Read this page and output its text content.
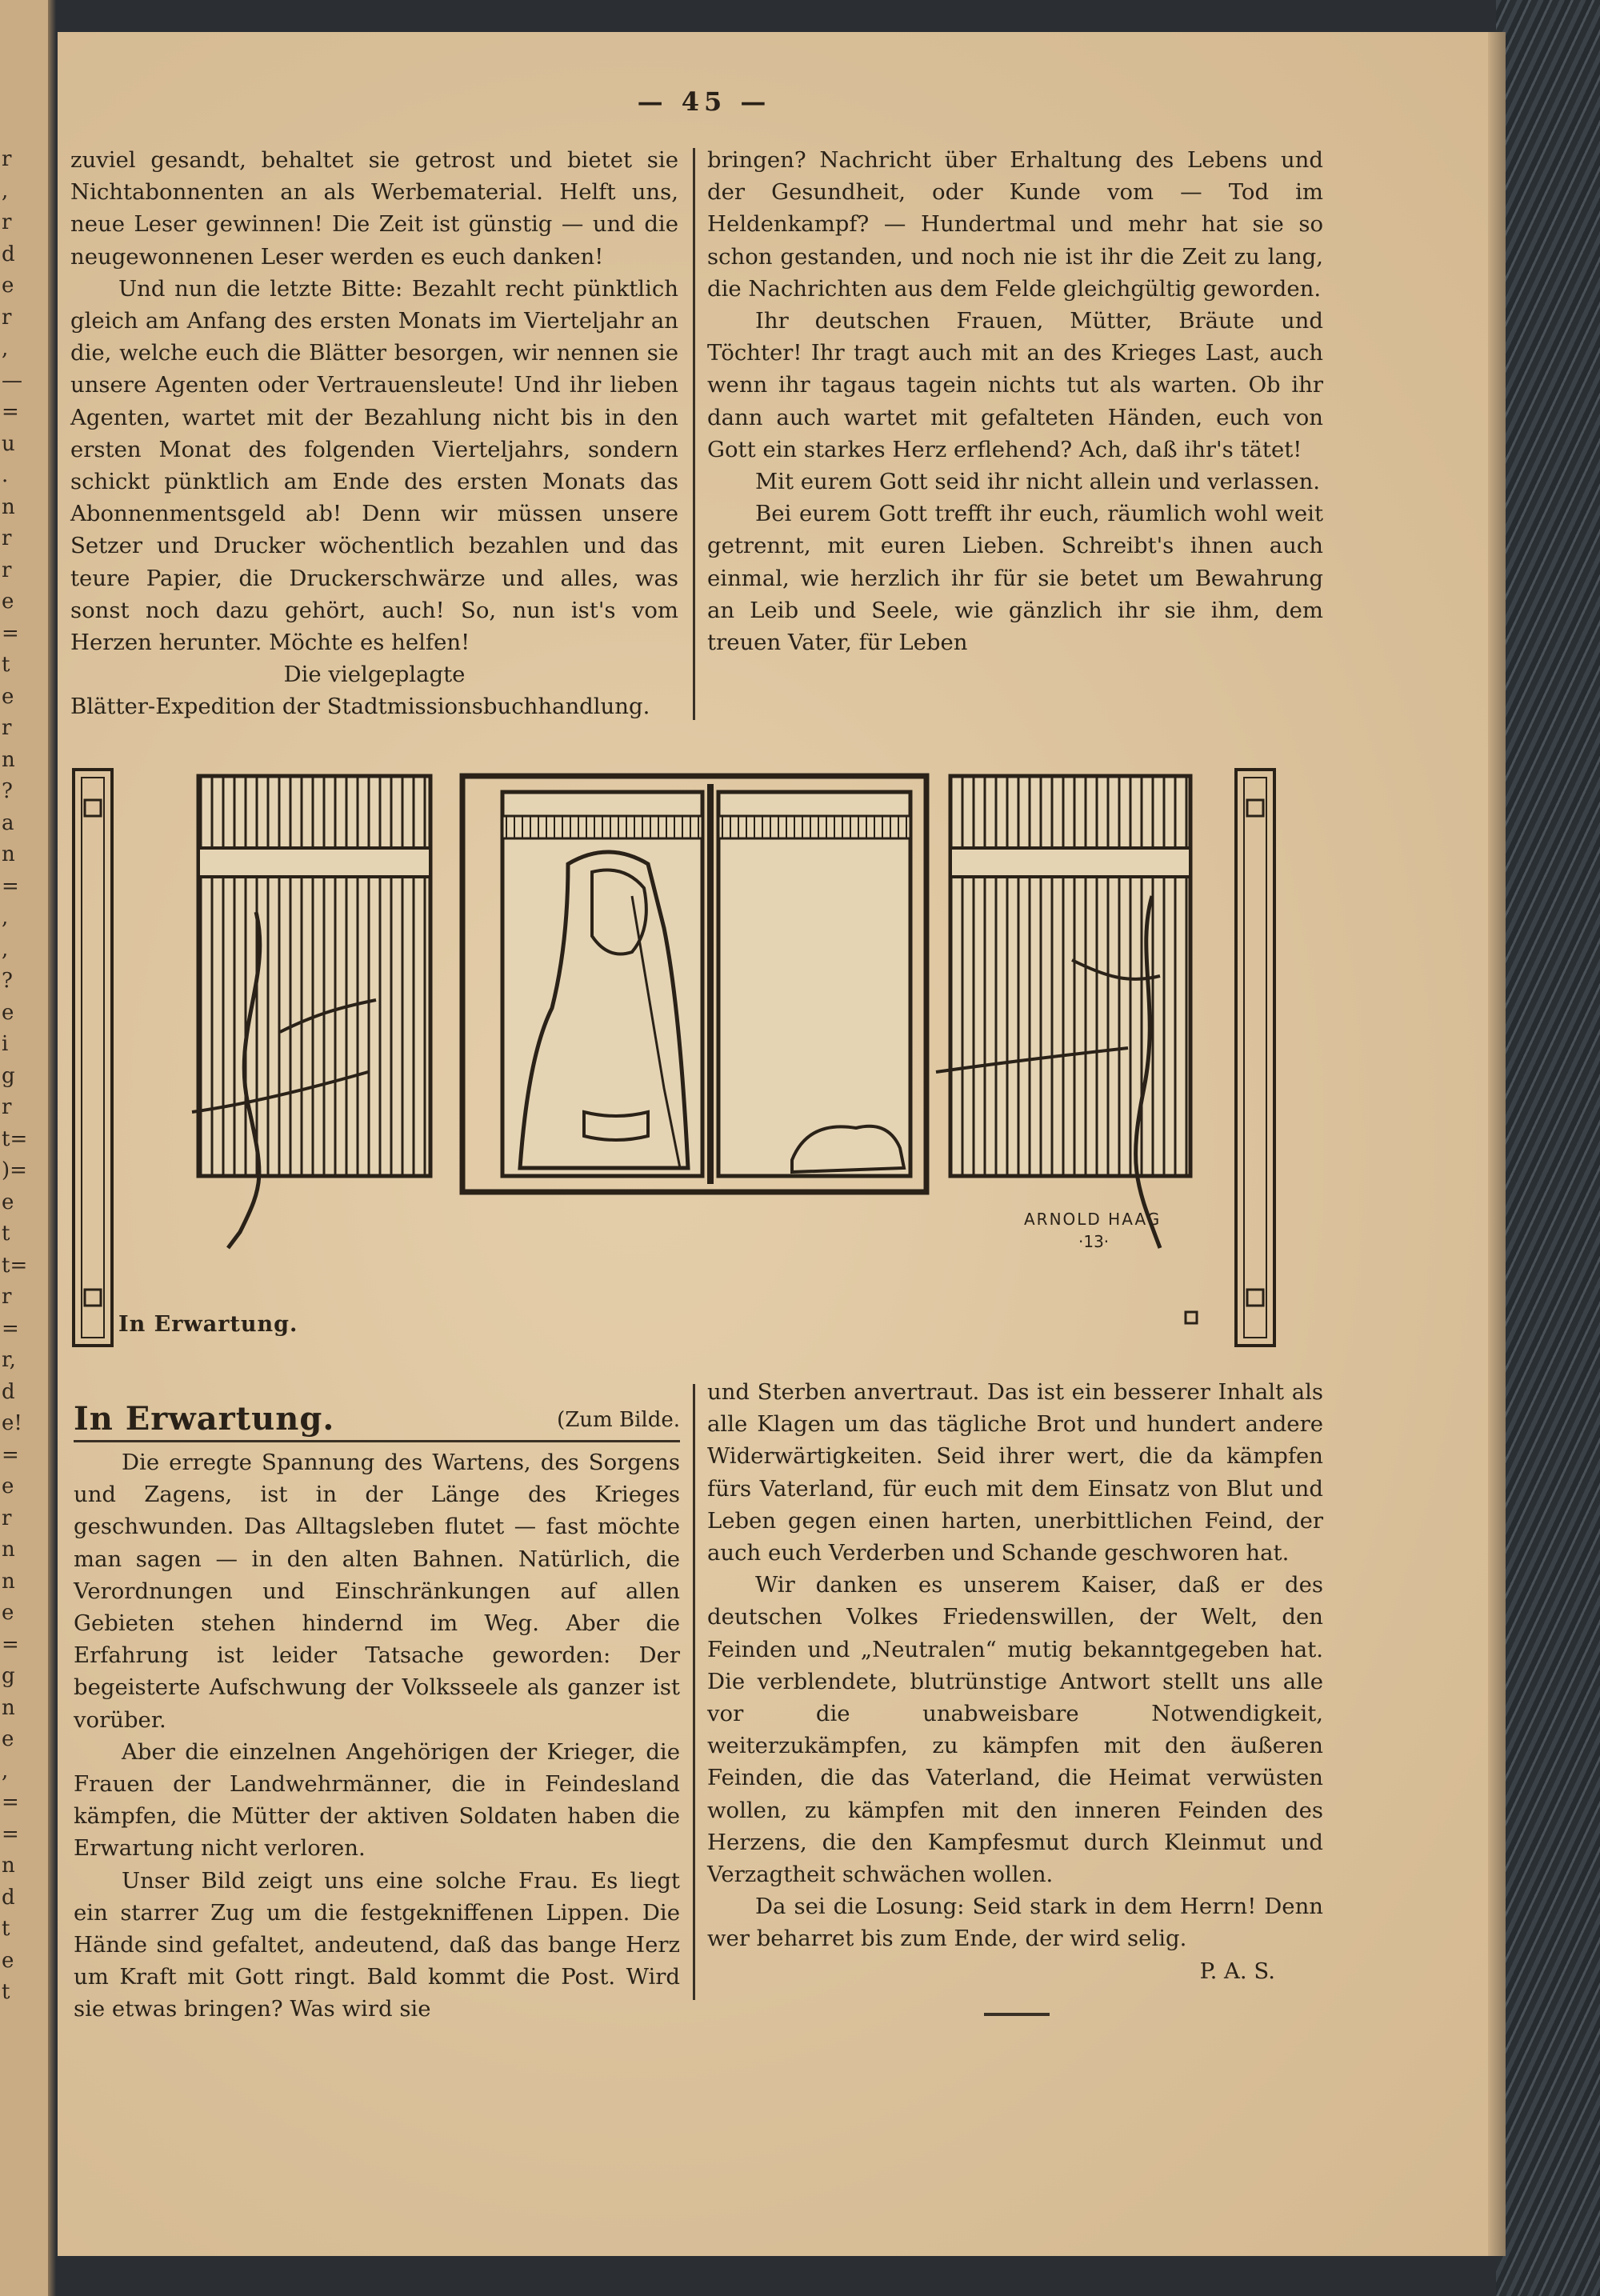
r
,
r
d
e
r
,
—
=
u
.
n
r
r
e
=
t
e
r
n
?
a
n
=
,
,
?
e
i
g
r
t=
)=
e
t
t=
r
=
r,
d
e!
=
e
r
n
n
e
=
g
n
e
,
=
=
n
d
t
e
t
— 45 —

zuviel gesandt, behaltet sie getrost und bietet sie Nichtabonnenten an als Werbematerial. Helft uns, neue Leser gewinnen! Die Zeit ist günstig — und die neugewonnenen Leser werden es euch danken!

Und nun die letzte Bitte: Bezahlt recht pünktlich gleich am Anfang des ersten Monats im Vierteljahr an die, welche euch die Blätter besorgen, wir nennen sie unsere Agenten oder Vertrauensleute! Und ihr lieben Agenten, wartet mit der Bezahlung nicht bis in den ersten Monat des folgenden Vierteljahrs, sondern schickt pünktlich am Ende des ersten Monats das Abonnenmentsgeld ab! Denn wir müssen unsere Setzer und Drucker wöchentlich bezahlen und das teure Papier, die Druckerschwärze und alles, was sonst noch dazu gehört, auch! So, nun ist's vom Herzen herunter. Möchte es helfen!

Die vielgeplagte

Blätter-Expedition der Stadtmissionsbuchhandlung.

bringen? Nachricht über Erhaltung des Lebens und der Gesundheit, oder Kunde vom — Tod im Heldenkampf? — Hundertmal und mehr hat sie so schon gestanden, und noch nie ist ihr die Zeit zu lang, die Nachrichten aus dem Felde gleichgültig geworden.

Ihr deutschen Frauen, Mütter, Bräute und Töchter! Ihr tragt auch mit an des Krieges Last, auch wenn ihr tagaus tagein nichts tut als warten. Ob ihr dann auch wartet mit gefalteten Händen, euch von Gott ein starkes Herz erflehend? Ach, daß ihr's tätet!

Mit eurem Gott seid ihr nicht allein und verlassen.

Bei eurem Gott trefft ihr euch, räumlich wohl weit getrennt, mit euren Lieben. Schreibt's ihnen auch einmal, wie herzlich ihr für sie betet um Bewahrung an Leib und Seele, wie gänzlich ihr sie ihm, dem treuen Vater, für Leben

ARNOLD HAAG
·13·
In Erwartung.
In Erwartung.	(Zum Bilde.

Die erregte Spannung des Wartens, des Sorgens und Zagens, ist in der Länge des Krieges geschwunden. Das Alltagsleben flutet — fast möchte man sagen — in den alten Bahnen. Natürlich, die Verordnungen und Einschränkungen auf allen Gebieten stehen hindernd im Weg. Aber die Erfahrung ist leider Tatsache geworden: Der begeisterte Aufschwung der Volksseele als ganzer ist vorüber.

Aber die einzelnen Angehörigen der Krieger, die Frauen der Landwehrmänner, die in Feindesland kämpfen, die Mütter der aktiven Soldaten haben die Erwartung nicht verloren.

Unser Bild zeigt uns eine solche Frau. Es liegt ein starrer Zug um die festgekniffenen Lippen. Die Hände sind gefaltet, andeutend, daß das bange Herz um Kraft mit Gott ringt. Bald kommt die Post. Wird sie etwas bringen? Was wird sie

und Sterben anvertraut. Das ist ein besserer Inhalt als alle Klagen um das tägliche Brot und hundert andere Widerwärtigkeiten. Seid ihrer wert, die da kämpfen fürs Vaterland, für euch mit dem Einsatz von Blut und Leben gegen einen harten, unerbittlichen Feind, der auch euch Verderben und Schande geschworen hat.

Wir danken es unserem Kaiser, daß er des deutschen Volkes Friedenswillen, der Welt, den Feinden und „Neutralen“ mutig bekanntgegeben hat. Die verblendete, blutrünstige Antwort stellt uns alle vor die unabweisbare Notwendigkeit, weiterzukämpfen, zu kämpfen mit den äußeren Feinden, die das Vaterland, die Heimat verwüsten wollen, zu kämpfen mit den inneren Feinden des Herzens, die den Kampfesmut durch Kleinmut und Verzagtheit schwächen wollen.

Da sei die Losung: Seid stark in dem Herrn! Denn wer beharret bis zum Ende, der wird selig.

P. A. S.
